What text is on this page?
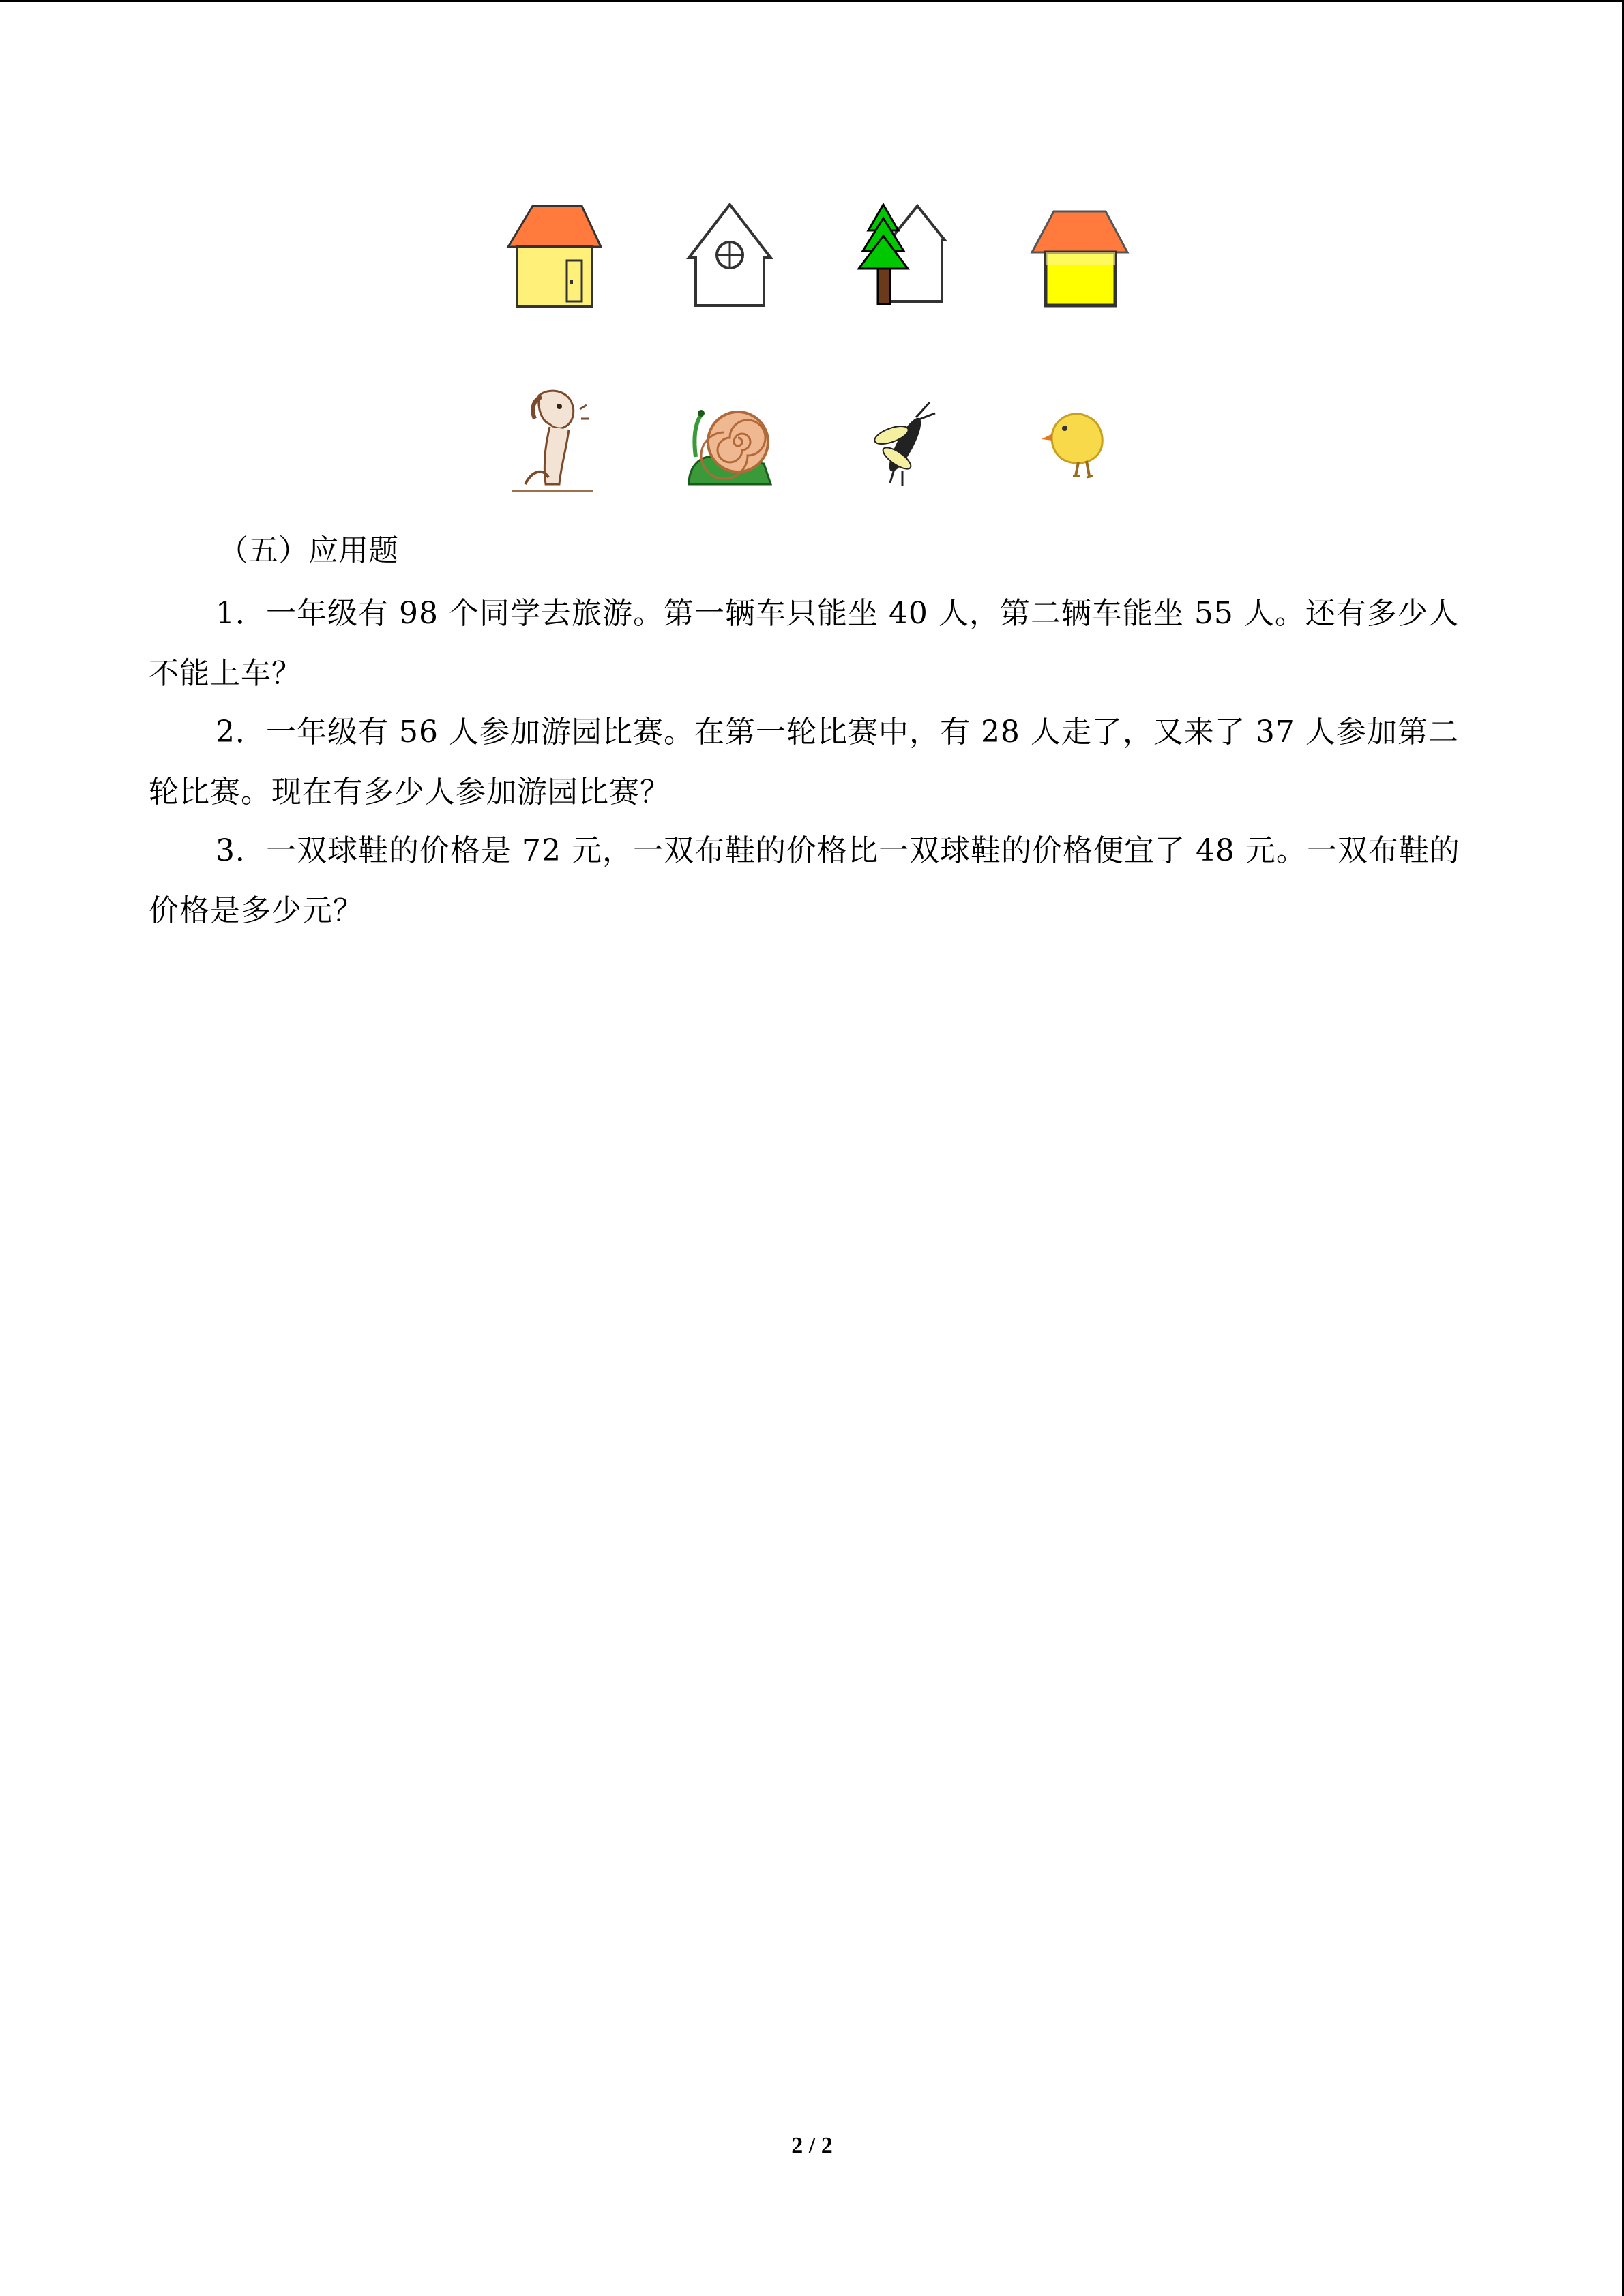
（五）应用题
1．一年级有 98 个同学去旅游。第一辆车只能坐 40 人，第二辆车能坐 55 人。还有多少人不能上车？
2．一年级有 56 人参加游园比赛。在第一轮比赛中，有 28 人走了，又来了 37 人参加第二轮比赛。现在有多少人参加游园比赛？
3．一双球鞋的价格是 72 元，一双布鞋的价格比一双球鞋的价格便宜了 48 元。一双布鞋的价格是多少元？
2 / 2
